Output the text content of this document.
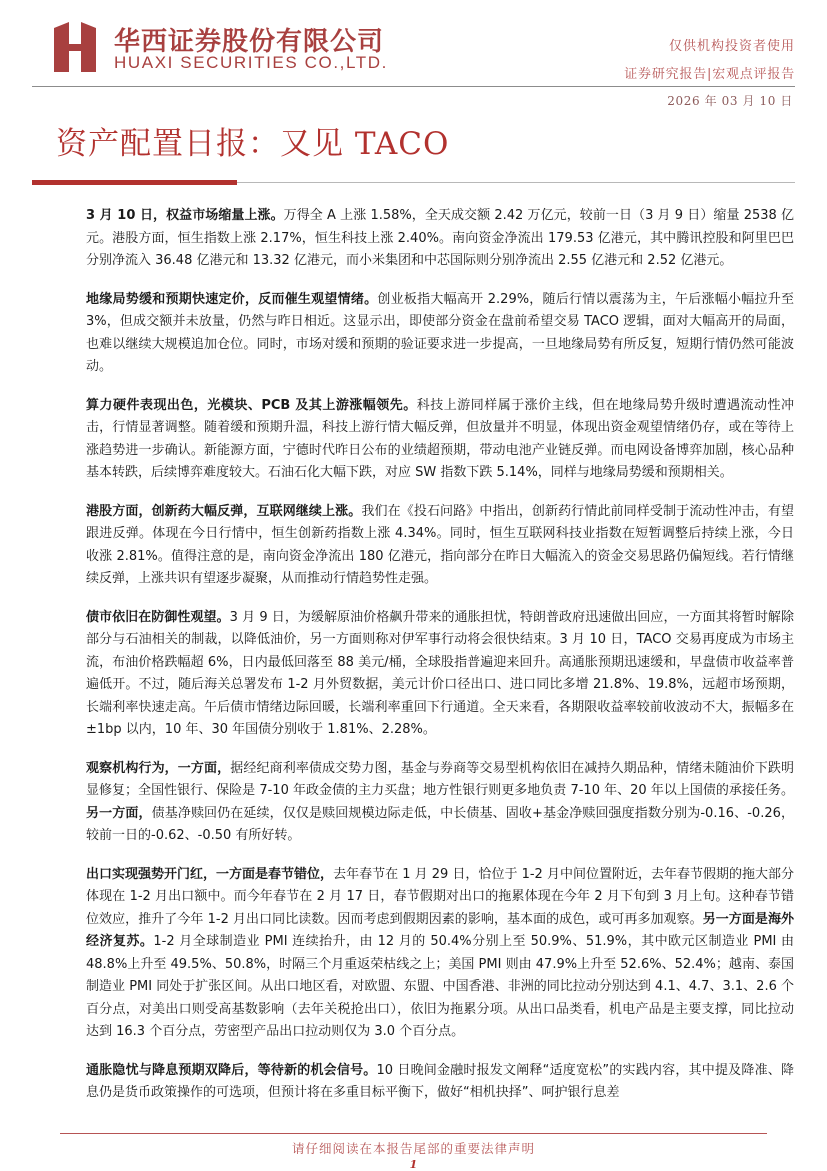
华西证券股份有限公司
HUAXI SECURITIES CO.,LTD.
仅供机构投资者使用
证券研究报告|宏观点评报告
2026 年 03 月 10 日
资产配置日报：又见 TACO

3 月 10 日，权益市场缩量上涨。万得全 A 上涨 1.58%，全天成交额 2.42 万亿元，较前一日（3 月 9 日）缩量 2538 亿元。港股方面，恒生指数上涨 2.17%，恒生科技上涨 2.40%。南向资金净流出 179.53 亿港元，其中腾讯控股和阿里巴巴分别净流入 36.48 亿港元和 13.32 亿港元，而小米集团和中芯国际则分别净流出 2.55 亿港元和 2.52 亿港元。

地缘局势缓和预期快速定价，反而催生观望情绪。创业板指大幅高开 2.29%，随后行情以震荡为主，午后涨幅小幅拉升至 3%，但成交额并未放量，仍然与昨日相近。这显示出，即使部分资金在盘前希望交易 TACO 逻辑，面对大幅高开的局面，也难以继续大规模追加仓位。同时，市场对缓和预期的验证要求进一步提高，一旦地缘局势有所反复，短期行情仍然可能波动。

算力硬件表现出色，光模块、PCB 及其上游涨幅领先。科技上游同样属于涨价主线，但在地缘局势升级时遭遇流动性冲击，行情显著调整。随着缓和预期升温，科技上游行情大幅反弹，但放量并不明显，体现出资金观望情绪仍存，或在等待上涨趋势进一步确认。新能源方面，宁德时代昨日公布的业绩超预期，带动电池产业链反弹。而电网设备博弈加剧，核心品种基本转跌，后续博弈难度较大。石油石化大幅下跌，对应 SW 指数下跌 5.14%，同样与地缘局势缓和预期相关。

港股方面，创新药大幅反弹，互联网继续上涨。我们在《投石问路》中指出，创新药行情此前同样受制于流动性冲击，有望跟进反弹。体现在今日行情中，恒生创新药指数上涨 4.34%。同时，恒生互联网科技业指数在短暂调整后持续上涨，今日收涨 2.81%。值得注意的是，南向资金净流出 180 亿港元，指向部分在昨日大幅流入的资金交易思路仍偏短线。若行情继续反弹，上涨共识有望逐步凝聚，从而推动行情趋势性走强。

债市依旧在防御性观望。3 月 9 日，为缓解原油价格飙升带来的通胀担忧，特朗普政府迅速做出回应，一方面其将暂时解除部分与石油相关的制裁，以降低油价，另一方面则称对伊军事行动将会很快结束。3 月 10 日，TACO 交易再度成为市场主流，布油价格跌幅超 6%，日内最低回落至 88 美元/桶，全球股指普遍迎来回升。高通胀预期迅速缓和，早盘债市收益率普遍低开。不过，随后海关总署发布 1-2 月外贸数据，美元计价口径出口、进口同比多增 21.8%、19.8%，远超市场预期，长端利率快速走高。午后债市情绪边际回暖，长端利率重回下行通道。全天来看，各期限收益率较前收波动不大，振幅多在±1bp 以内，10 年、30 年国债分别收于 1.81%、2.28%。

观察机构行为，一方面，据经纪商利率债成交势力图，基金与券商等交易型机构依旧在减持久期品种，情绪未随油价下跌明显修复；全国性银行、保险是 7-10 年政金债的主力买盘；地方性银行则更多地负责 7-10 年、20 年以上国债的承接任务。另一方面，债基净赎回仍在延续，仅仅是赎回规模边际走低，中长债基、固收+基金净赎回强度指数分别为-0.16、-0.26，较前一日的-0.62、-0.50 有所好转。

出口实现强势开门红，一方面是春节错位，去年春节在 1 月 29 日，恰位于 1-2 月中间位置附近，去年春节假期的拖大部分体现在 1-2 月出口额中。而今年春节在 2 月 17 日，春节假期对出口的拖累体现在今年 2 月下旬到 3 月上旬。这种春节错位效应，推升了今年 1-2 月出口同比读数。因而考虑到假期因素的影响，基本面的成色，或可再多加观察。另一方面是海外经济复苏。1-2 月全球制造业 PMI 连续抬升，由 12 月的 50.4%分别上至 50.9%、51.9%，其中欧元区制造业 PMI 由 48.8%上升至 49.5%、50.8%，时隔三个月重返荣枯线之上；美国 PMI 则由 47.9%上升至 52.6%、52.4%；越南、泰国制造业 PMI 同处于扩张区间。从出口地区看，对欧盟、东盟、中国香港、非洲的同比拉动分别达到 4.1、4.7、3.1、2.6 个百分点，对美出口则受高基数影响（去年关税抢出口），依旧为拖累分项。从出口品类看，机电产品是主要支撑，同比拉动达到 16.3 个百分点，劳密型产品出口拉动则仅为 3.0 个百分点。

通胀隐忧与降息预期双降后，等待新的机会信号。10 日晚间金融时报发文阐释“适度宽松”的实践内容，其中提及降准、降息仍是货币政策操作的可选项，但预计将在多重目标平衡下，做好“相机抉择”、呵护银行息差

请仔细阅读在本报告尾部的重要法律声明
1
